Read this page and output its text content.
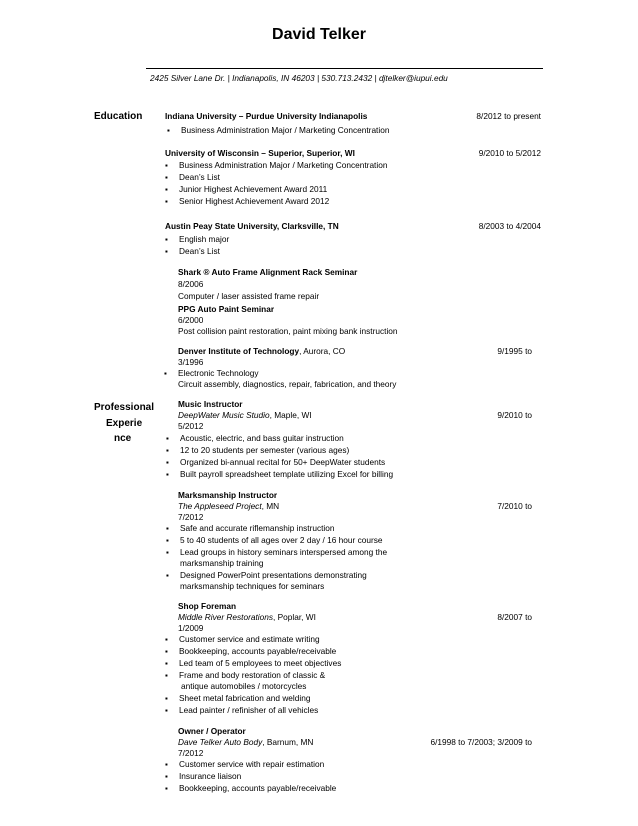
David Telker
2425 Silver Lane Dr. | Indianapolis, IN 46203 | 530.713.2432 | djtelker@iupui.edu
Education	Indiana University – Purdue University Indianapolis	8/2012 to present
▪ Business Administration Major / Marketing Concentration
University of Wisconsin – Superior, Superior, WI	9/2010 to 5/2012
▪ Business Administration Major / Marketing Concentration
▪ Dean’s List
▪ Junior Highest Achievement Award 2011
▪ Senior Highest Achievement Award 2012
Austin Peay State University, Clarksville, TN	8/2003 to 4/2004
▪ English major
▪ Dean’s List
Shark ® Auto Frame Alignment Rack Seminar
8/2006
Computer / laser assisted frame repair
PPG Auto Paint Seminar
6/2000
Post collision paint restoration, paint mixing bank instruction
Denver Institute of Technology, Aurora, CO	9/1995 to
3/1996
▪ Electronic Technology
Circuit assembly, diagnostics, repair, fabrication, and theory
Professional
Experie
nce
Music Instructor
DeepWater Music Studio, Maple, WI	9/2010 to
5/2012
▪ Acoustic, electric, and bass guitar instruction
▪ 12 to 20 students per semester (various ages)
▪ Organized bi-annual recital for 50+ DeepWater students
▪ Built payroll spreadsheet template utilizing Excel for billing
Marksmanship Instructor
The Appleseed Project, MN	7/2010 to
7/2012
▪ Safe and accurate riflemanship instruction
▪ 5 to 40 students of all ages over 2 day / 16 hour course
▪ Lead groups in history seminars interspersed among the
marksmanship training
▪ Designed PowerPoint presentations demonstrating
marksmanship techniques for seminars
Shop Foreman
Middle River Restorations, Poplar, WI	8/2007 to
1/2009
▪ Customer service and estimate writing
▪ Bookkeeping, accounts payable/receivable
▪ Led team of 5 employees to meet objectives
▪ Frame and body restoration of classic &
antique automobiles / motorcycles
▪ Sheet metal fabrication and welding
▪ Lead painter / refinisher of all vehicles
Owner / Operator
Dave Telker Auto Body, Barnum, MN	6/1998 to 7/2003; 3/2009 to
7/2012
▪ Customer service with repair estimation
▪ Insurance liaison
▪ Bookkeeping, accounts payable/receivable
